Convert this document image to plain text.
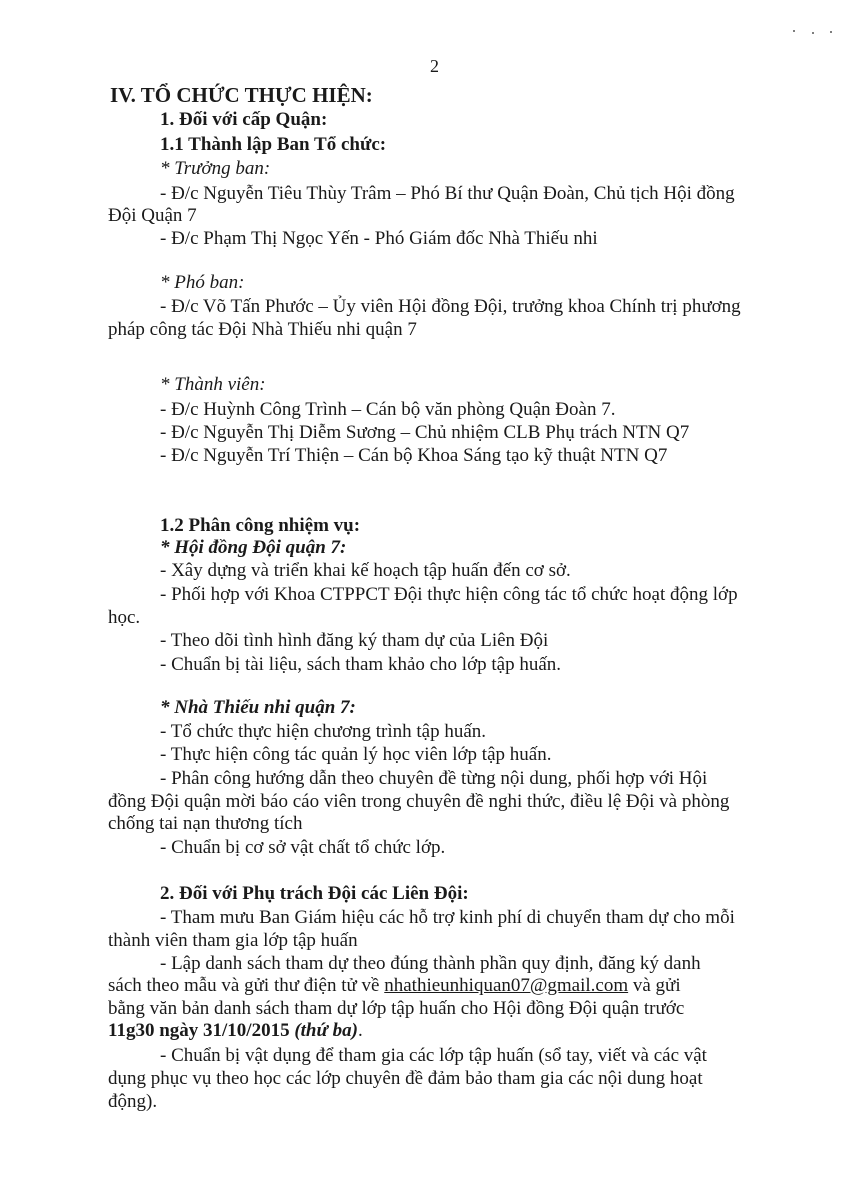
2
IV. TỔ CHỨC THỰC HIỆN:
1. Đối với cấp Quận:
1.1 Thành lập Ban Tổ chức:
* Trưởng ban:
- Đ/c Nguyễn Tiêu Thùy Trâm – Phó Bí thư Quận Đoàn, Chủ tịch Hội đồng
Đội Quận 7
- Đ/c Phạm Thị Ngọc Yến - Phó Giám đốc Nhà Thiếu nhi
* Phó ban:
- Đ/c Võ Tấn Phước – Ủy viên Hội đồng Đội, trưởng khoa Chính trị phương
pháp công tác Đội Nhà Thiếu nhi quận 7
* Thành viên:
- Đ/c Huỳnh Công Trình – Cán bộ văn phòng Quận Đoàn 7.
- Đ/c Nguyễn Thị Diễm Sương – Chủ nhiệm CLB Phụ trách NTN Q7
- Đ/c Nguyễn Trí Thiện – Cán bộ Khoa Sáng tạo kỹ thuật NTN Q7
1.2 Phân công nhiệm vụ:
* Hội đồng Đội quận 7:
- Xây dựng và triển khai kế hoạch tập huấn đến cơ sở.
- Phối hợp với Khoa CTPPCT Đội thực hiện công tác tổ chức hoạt động lớp
học.
- Theo dõi tình hình đăng ký tham dự của Liên Đội
- Chuẩn bị tài liệu, sách tham khảo cho lớp tập huấn.
* Nhà Thiếu nhi quận 7:
- Tổ chức thực hiện chương trình tập huấn.
- Thực hiện công tác quản lý học viên lớp tập huấn.
- Phân công hướng dẫn theo chuyên đề từng nội dung, phối hợp với Hội
đồng Đội quận mời báo cáo viên trong chuyên đề nghi thức, điều lệ Đội và phòng
chống tai nạn thương tích
- Chuẩn bị cơ sở vật chất tổ chức lớp.
2. Đối với Phụ trách Đội các Liên Đội:
- Tham mưu Ban Giám hiệu các hỗ trợ kinh phí di chuyển tham dự cho mỗi
thành viên tham gia lớp tập huấn
- Lập danh sách tham dự theo đúng thành phần quy định, đăng ký danh
sách theo mẫu và gửi thư điện tử về nhathieunhiquan07@gmail.com và gửi
bằng văn bản danh sách tham dự lớp tập huấn cho Hội đồng Đội quận trước
11g30 ngày 31/10/2015 (thứ ba).
- Chuẩn bị vật dụng để tham gia các lớp tập huấn (sổ tay, viết và các vật
dụng phục vụ theo học các lớp chuyên đề đảm bảo tham gia các nội dung hoạt
động).
